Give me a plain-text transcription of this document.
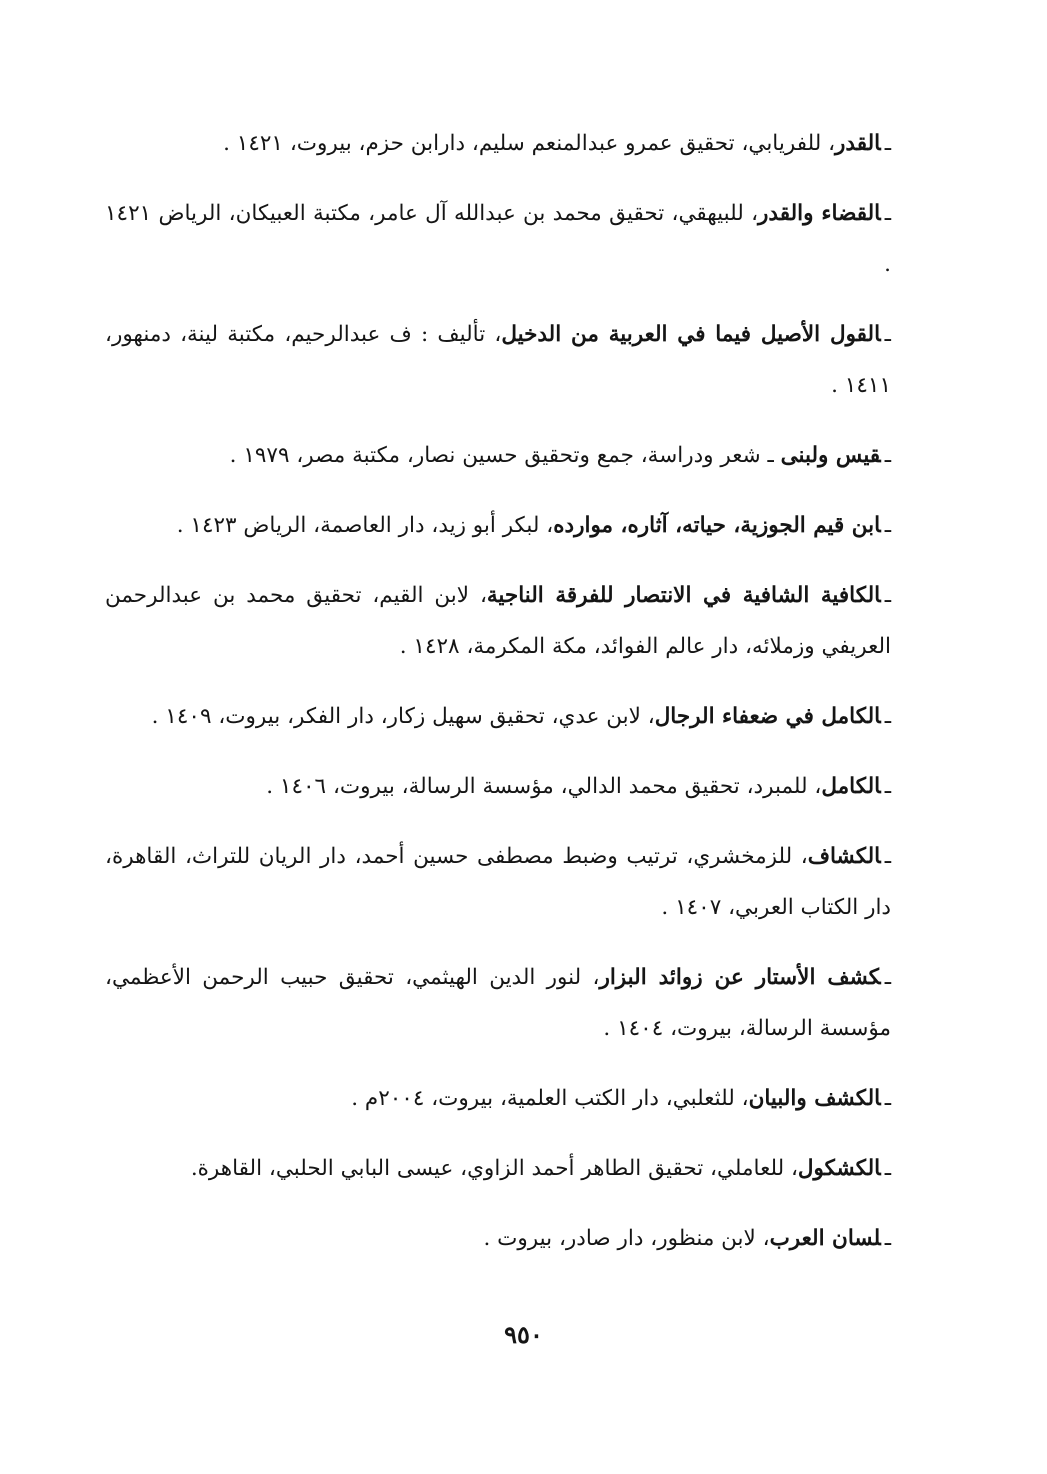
ـالقدر، للفريابي، تحقيق عمرو عبدالمنعم سليم، دارابن حزم، بيروت، ١٤٢١ .

ـالقضاء والقدر، للبيهقي، تحقيق محمد بن عبدالله آل عامر، مكتبة العبيكان، الرياض ١٤٢١ .

ـالقول الأصيل فيما في العربية من الدخيل، تأليف : ف عبدالرحيم، مكتبة لينة، دمنهور، ١٤١١ .

ـقيس ولبنى ـ شعر ودراسة، جمع وتحقيق حسين نصار، مكتبة مصر، ١٩٧٩ .

ـابن قيم الجوزية، حياته، آثاره، موارده، لبكر أبو زيد، دار العاصمة، الرياض ١٤٢٣ .

ـالكافية الشافية في الانتصار للفرقة الناجية، لابن القيم، تحقيق محمد بن عبدالرحمن العريفي وزملائه، دار عالم الفوائد، مكة المكرمة، ١٤٢٨ .

ـالكامل في ضعفاء الرجال، لابن عدي، تحقيق سهيل زكار، دار الفكر، بيروت، ١٤٠٩ .

ـالكامل، للمبرد، تحقيق محمد الدالي، مؤسسة الرسالة، بيروت، ١٤٠٦ .

ـالكشاف، للزمخشري، ترتيب وضبط مصطفى حسين أحمد، دار الريان للتراث، القاهرة، دار الكتاب العربي، ١٤٠٧ .

ـكشف الأستار عن زوائد البزار، لنور الدين الهيثمي، تحقيق حبيب الرحمن الأعظمي، مؤسسة الرسالة، بيروت، ١٤٠٤ .

ـالكشف والبيان، للثعلبي، دار الكتب العلمية، بيروت، ٢٠٠٤م .

ـالكشكول، للعاملي، تحقيق الطاهر أحمد الزاوي، عيسى البابي الحلبي، القاهرة.

ـلسان العرب، لابن منظور، دار صادر، بيروت .

٩٥٠
